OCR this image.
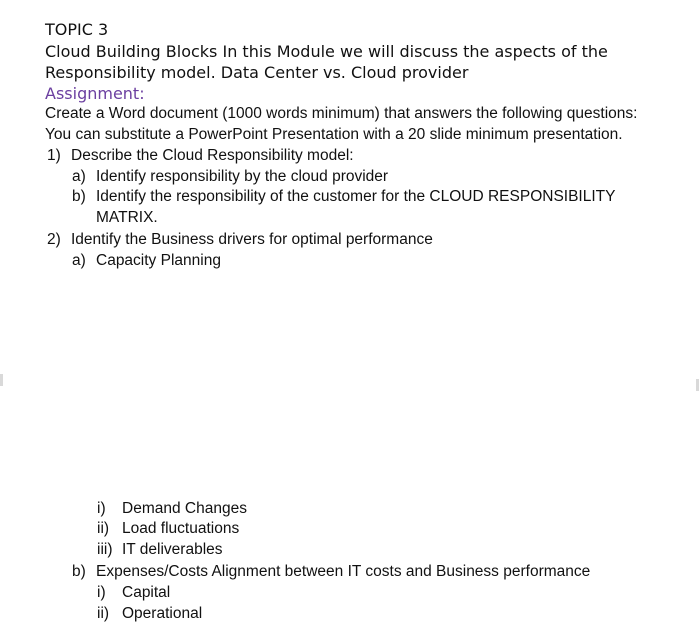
TOPIC 3
Cloud Building Blocks In this Module we will discuss the aspects of the
Responsibility model. Data Center vs. Cloud provider
Assignment:
Create a Word document (1000 words minimum) that answers the following questions:
You can substitute a PowerPoint Presentation with a 20 slide minimum presentation.
1) Describe the Cloud Responsibility model:
a) Identify responsibility by the cloud provider
b) Identify the responsibility of the customer for the CLOUD RESPONSIBILITY
MATRIX.
2) Identify the Business drivers for optimal performance
a) Capacity Planning
i) Demand Changes
ii) Load fluctuations
iii) IT deliverables
b) Expenses/Costs Alignment between IT costs and Business performance
i) Capital
ii) Operational
